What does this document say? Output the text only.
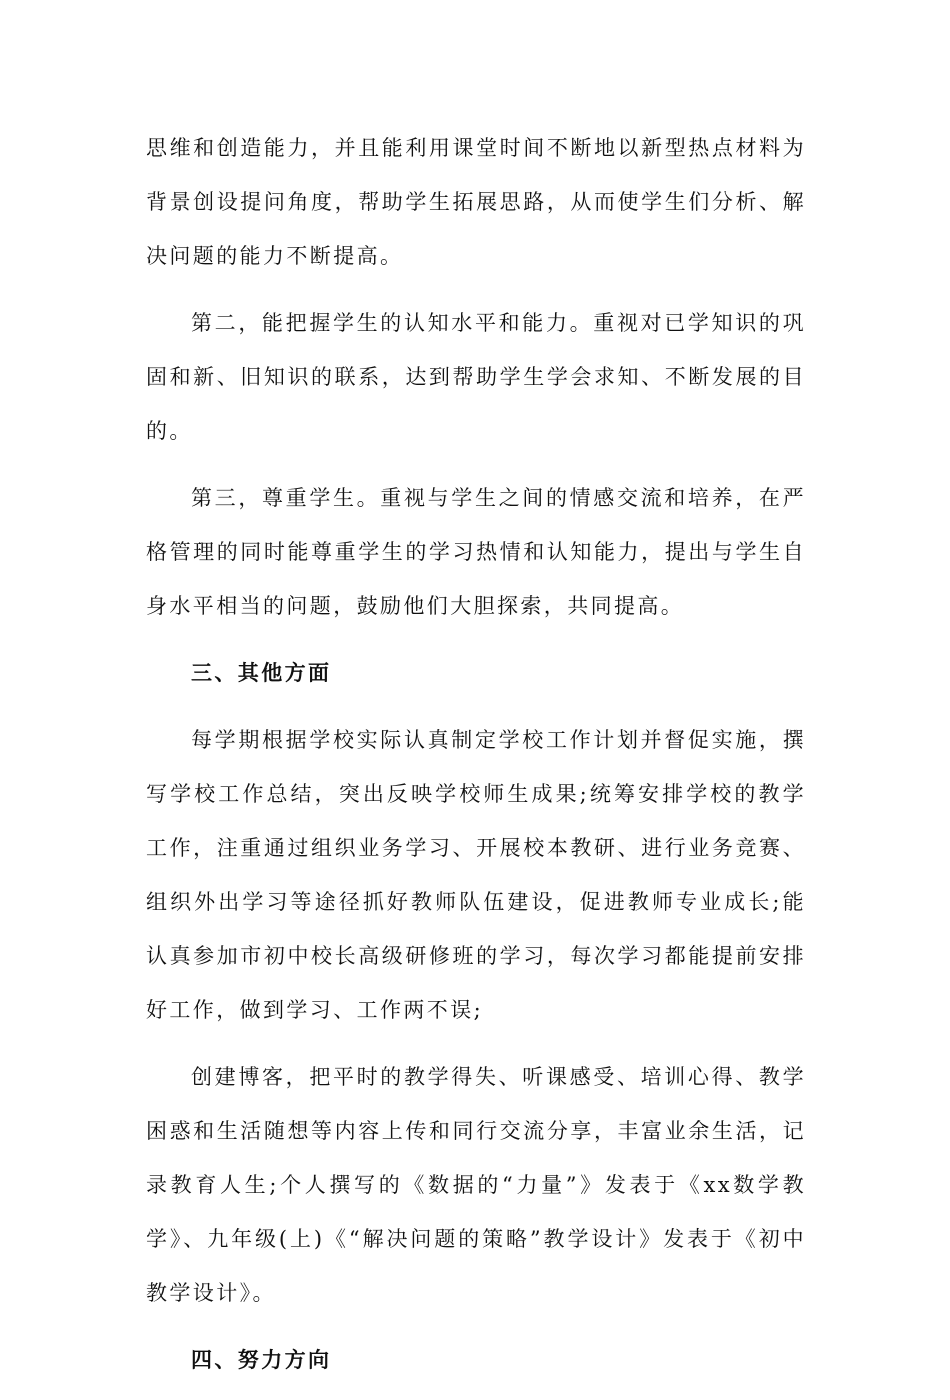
思维和创造能力，并且能利用课堂时间不断地以新型热点材料为背景创设提问角度，帮助学生拓展思路，从而使学生们分析、解决问题的能力不断提高。

第二，能把握学生的认知水平和能力。重视对已学知识的巩固和新、旧知识的联系，达到帮助学生学会求知、不断发展的目的。

第三，尊重学生。重视与学生之间的情感交流和培养，在严格管理的同时能尊重学生的学习热情和认知能力，提出与学生自身水平相当的问题，鼓励他们大胆探索，共同提高。

三、其他方面

每学期根据学校实际认真制定学校工作计划并督促实施，撰写学校工作总结，突出反映学校师生成果;统筹安排学校的教学工作，注重通过组织业务学习、开展校本教研、进行业务竞赛、组织外出学习等途径抓好教师队伍建设，促进教师专业成长;能认真参加市初中校长高级研修班的学习，每次学习都能提前安排好工作，做到学习、工作两不误;

创建博客，把平时的教学得失、听课感受、培训心得、教学困惑和生活随想等内容上传和同行交流分享，丰富业余生活，记录教育人生;个人撰写的《数据的“力量”》发表于《xx数学教学》、九年级(上)《“解决问题的策略”教学设计》发表于《初中教学设计》。

四、努力方向
